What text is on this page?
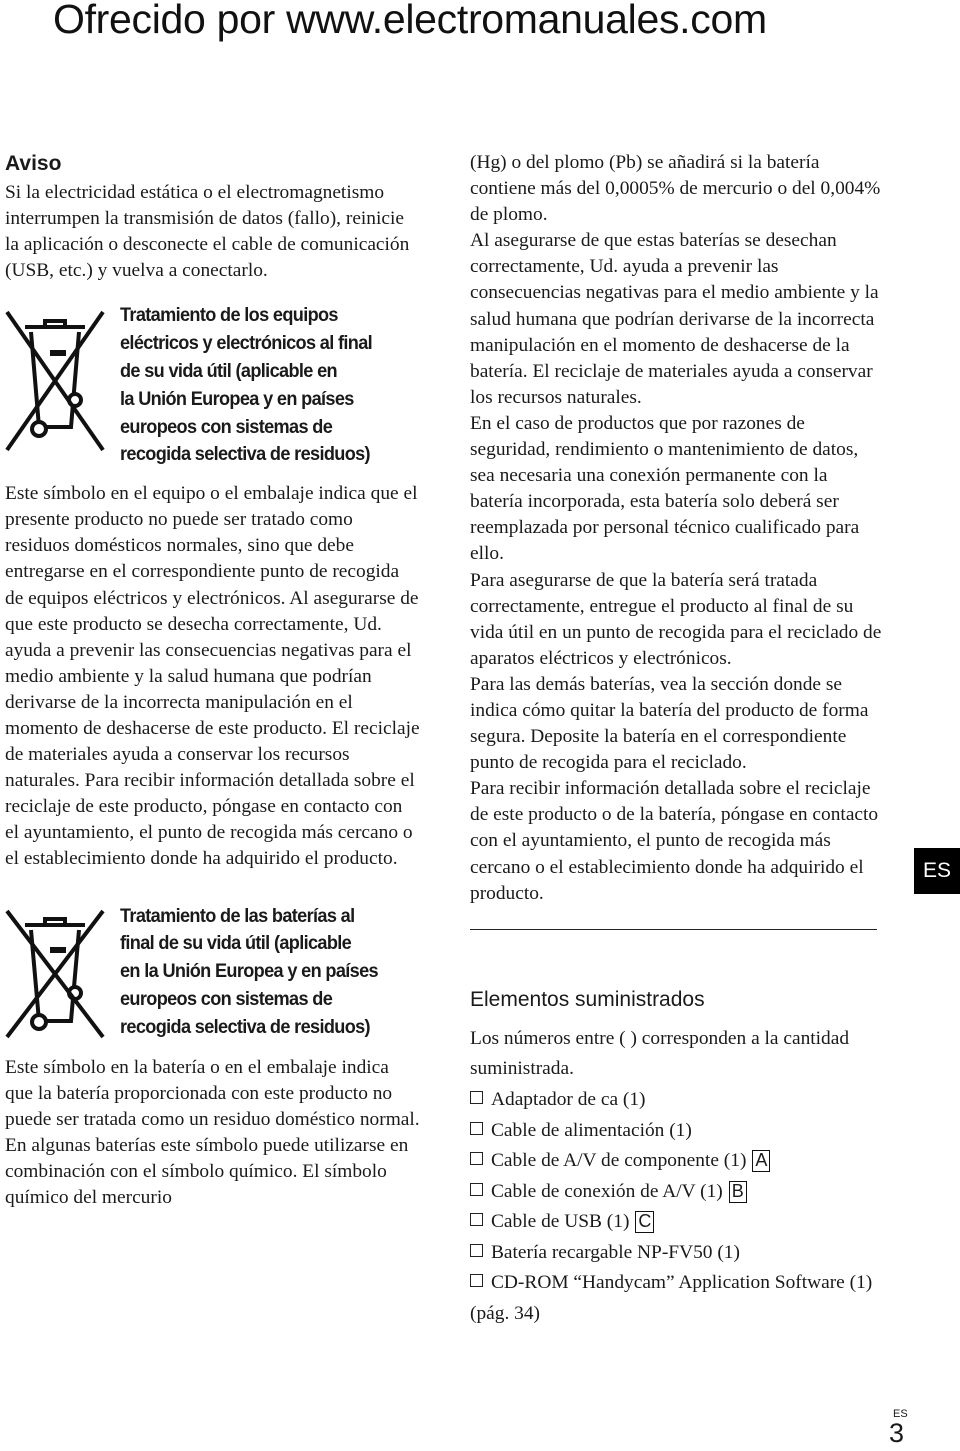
Ofrecido por www.electromanuales.com

Aviso

Si la electricidad estática o el electromagnetismo interrumpen la transmisión de datos (fallo), reinicie la aplicación o desconecte el cable de comunicación (USB, etc.) y vuelva a conectarlo.

Tratamiento de los equipos
eléctricos y electrónicos al final
de su vida útil (aplicable en
la Unión Europea y en países
europeos con sistemas de
recogida selectiva de residuos)

Este símbolo en el equipo o el embalaje indica que el presente producto no puede ser tratado como residuos domésticos normales, sino que debe entregarse en el correspondiente punto de recogida de equipos eléctricos y electrónicos. Al asegurarse de que este producto se desecha correctamente, Ud. ayuda a prevenir las consecuencias negativas para el medio ambiente y la salud humana que podrían derivarse de la incorrecta manipulación en el momento de deshacerse de este producto. El reciclaje de materiales ayuda a conservar los recursos naturales. Para recibir información detallada sobre el reciclaje de este producto, póngase en contacto con el ayuntamiento, el punto de recogida más cercano o el establecimiento donde ha adquirido el producto.

Tratamiento de las baterías al
final de su vida útil (aplicable
en la Unión Europea y en países
europeos con sistemas de
recogida selectiva de residuos)

Este símbolo en la batería o en el embalaje indica que la batería proporcionada con este producto no puede ser tratada como un residuo doméstico normal.

En algunas baterías este símbolo puede utilizarse en combinación con el símbolo químico. El símbolo químico del mercurio

(Hg) o del plomo (Pb) se añadirá si la batería contiene más del 0,0005% de mercurio o del 0,004% de plomo.

Al asegurarse de que estas baterías se desechan correctamente, Ud. ayuda a prevenir las consecuencias negativas para el medio ambiente y la salud humana que podrían derivarse de la incorrecta manipulación en el momento de deshacerse de la batería. El reciclaje de materiales ayuda a conservar los recursos naturales.

En el caso de productos que por razones de seguridad, rendimiento o mantenimiento de datos, sea necesaria una conexión permanente con la batería incorporada, esta batería solo deberá ser reemplazada por personal técnico cualificado para ello.

Para asegurarse de que la batería será tratada correctamente, entregue el producto al final de su vida útil en un punto de recogida para el reciclado de aparatos eléctricos y electrónicos.

Para las demás baterías, vea la sección donde se indica cómo quitar la batería del producto de forma segura. Deposite la batería en el correspondiente punto de recogida para el reciclado.

Para recibir información detallada sobre el reciclaje de este producto o de la batería, póngase en contacto con el ayuntamiento, el punto de recogida más cercano o el establecimiento donde ha adquirido el producto.

Elementos suministrados

Los números entre ( ) corresponden a la cantidad suministrada.

Adaptador de ca (1)
Cable de alimentación (1)
Cable de A/V de componente (1) A
Cable de conexión de A/V (1) B
Cable de USB (1) C
Batería recargable NP-FV50 (1)
CD-ROM “Handycam” Application Software (1) (pág. 34)
ES
ES
3
